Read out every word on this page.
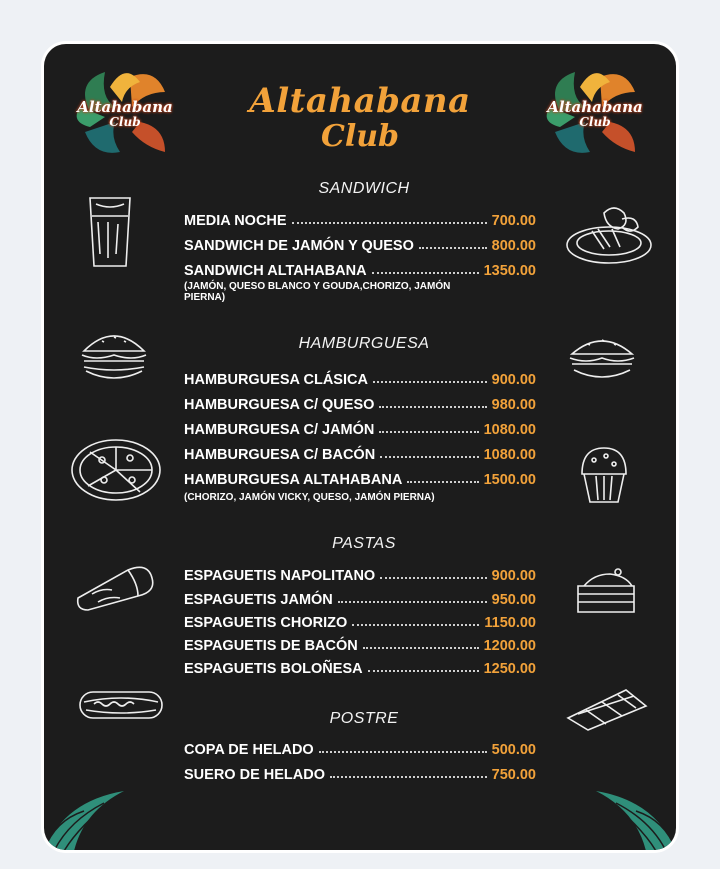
Altahabana
Club
Altahabana
Club
Altahabana
Club
SANDWICH
MEDIA NOCHE	700.00
SANDWICH DE JAMÓN Y QUESO	800.00
SANDWICH ALTAHABANA	1350.00
(JAMÓN, QUESO BLANCO Y GOUDA,CHORIZO, JAMÓN PIERNA)
HAMBURGUESA
HAMBURGUESA CLÁSICA	900.00
HAMBURGUESA C/ QUESO	980.00
HAMBURGUESA C/ JAMÓN	1080.00
HAMBURGUESA C/ BACÓN	1080.00
HAMBURGUESA ALTAHABANA	1500.00
(CHORIZO, JAMÓN VICKY, QUESO, JAMÓN PIERNA)
PASTAS
ESPAGUETIS NAPOLITANO	900.00
ESPAGUETIS JAMÓN	950.00
ESPAGUETIS CHORIZO	1150.00
ESPAGUETIS DE BACÓN	1200.00
ESPAGUETIS BOLOÑESA	1250.00
POSTRE
COPA DE HELADO	500.00
SUERO DE HELADO	750.00
